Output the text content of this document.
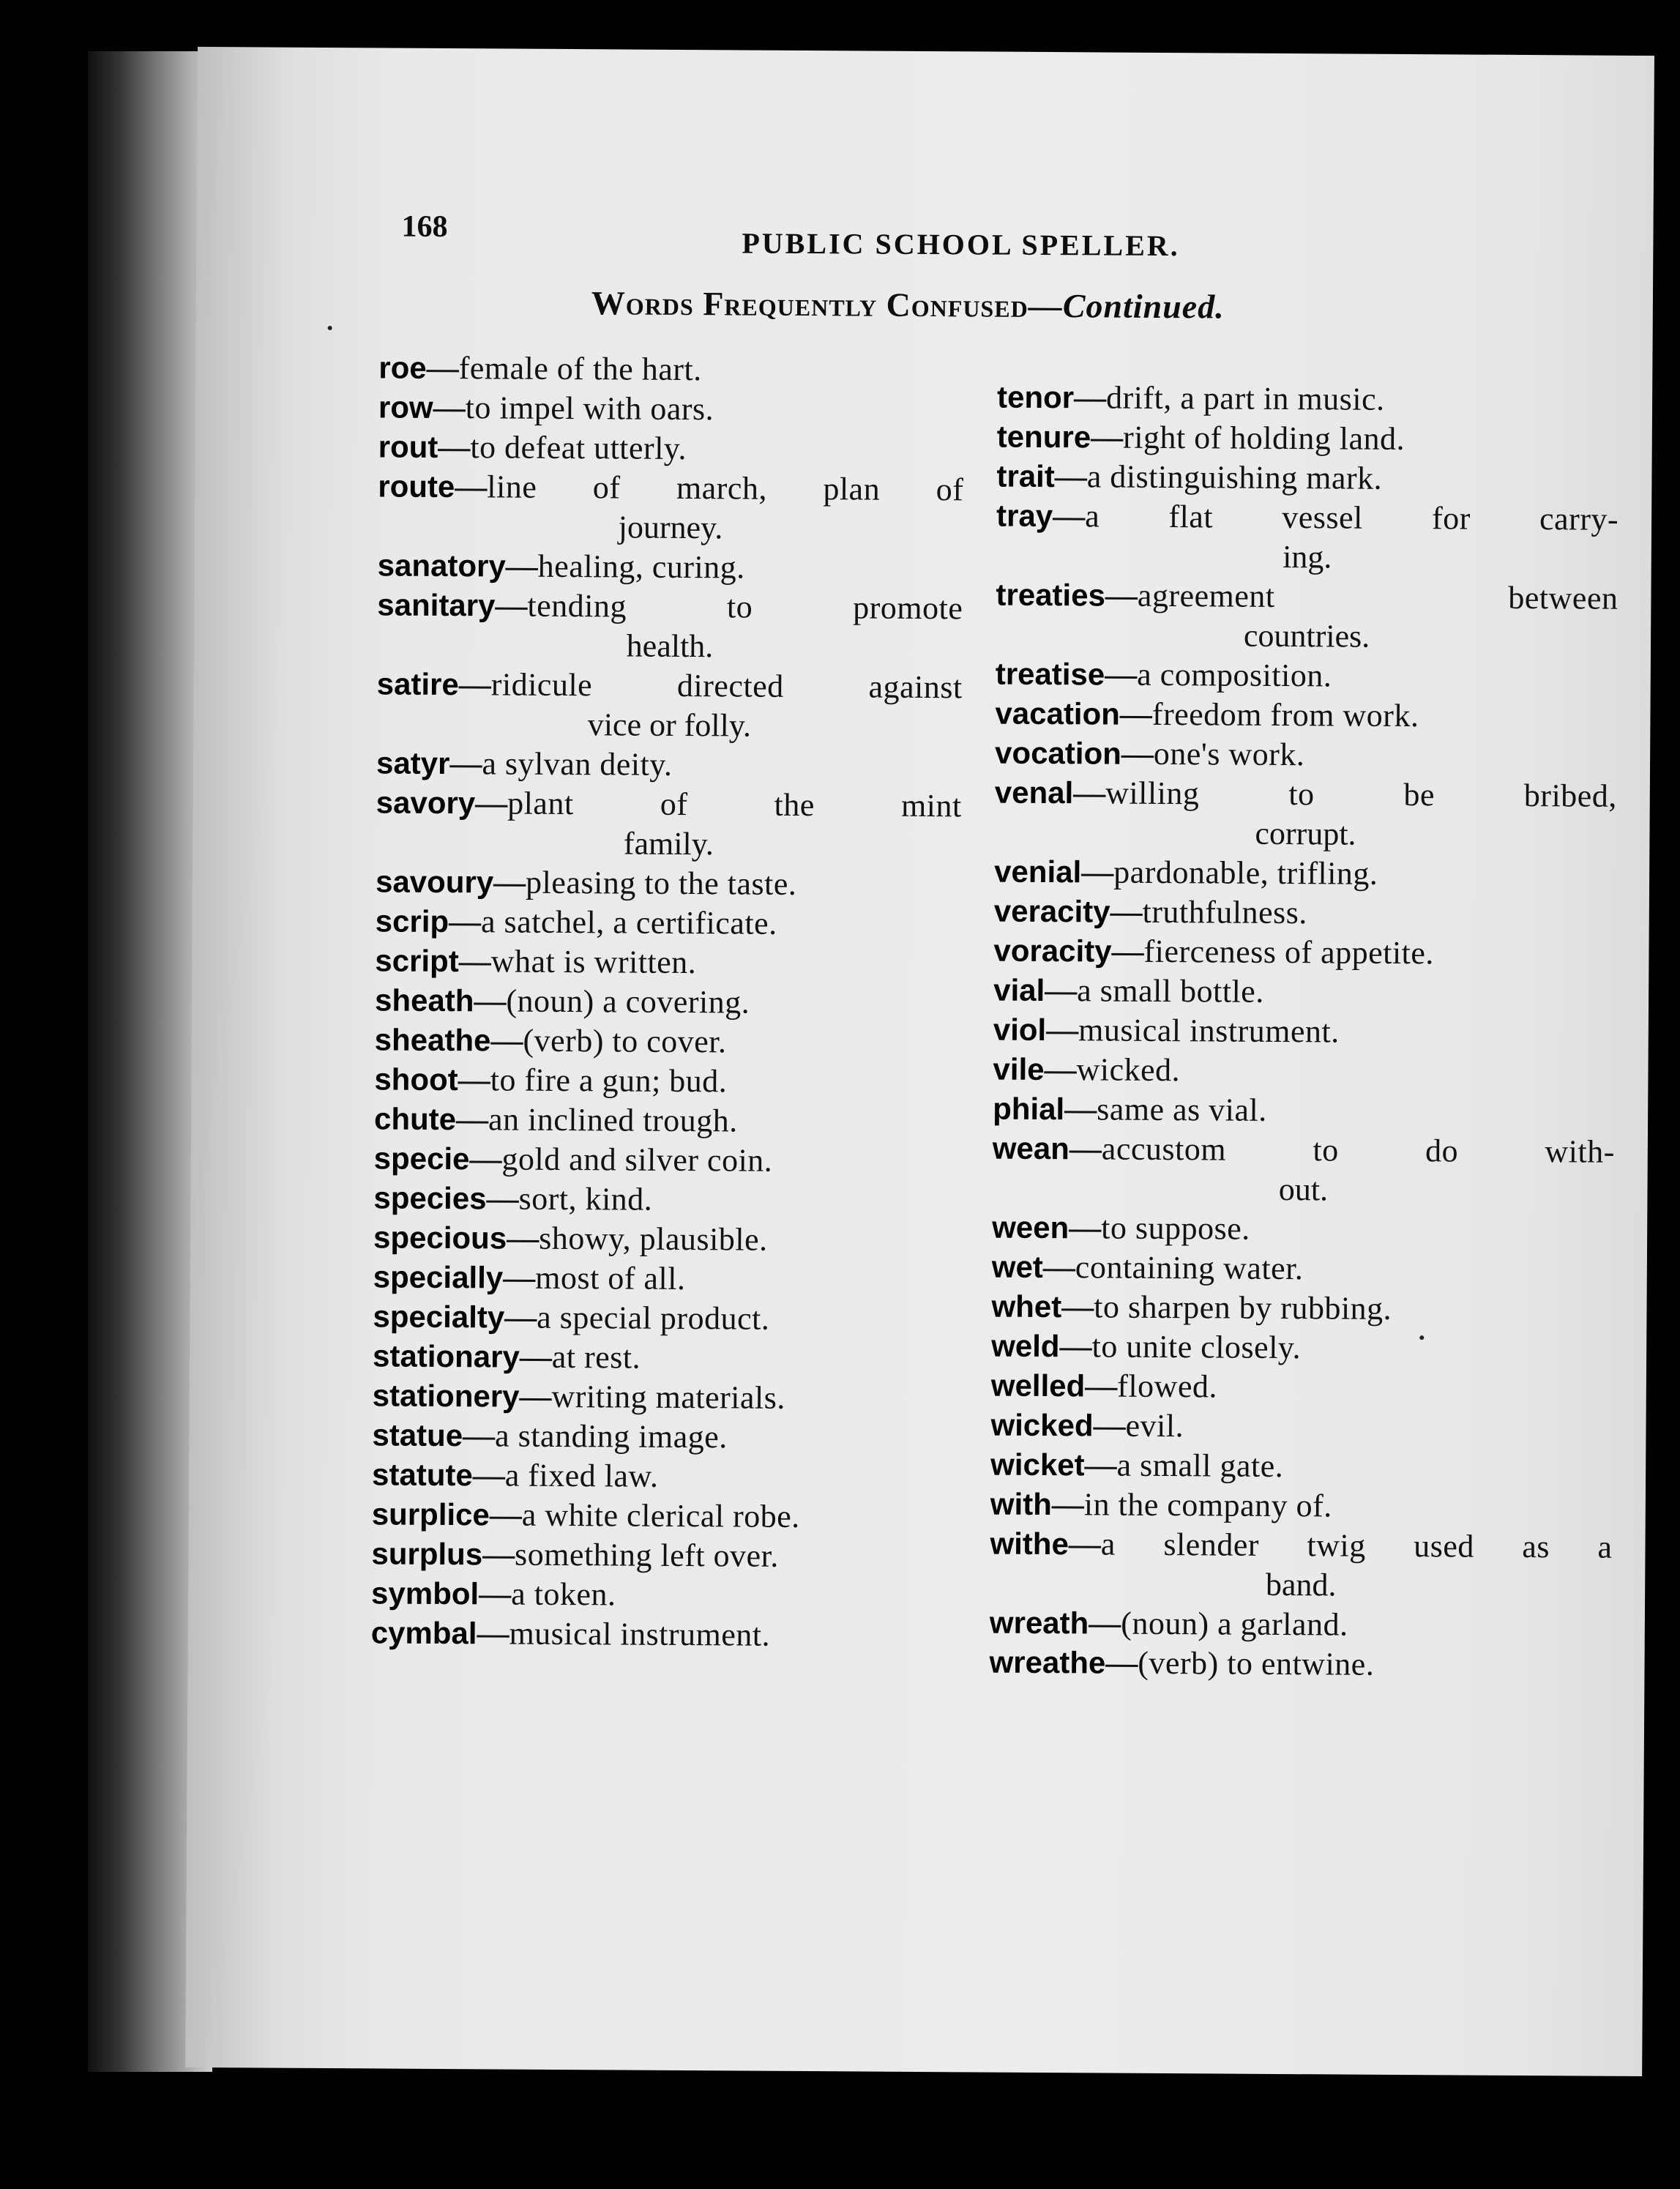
168	PUBLIC SCHOOL SPELLER.
Words Frequently Confused—Continued.
roe—female of the hart.
row—to impel with oars.
rout—to defeat utterly.
route—line of march, plan of
journey.
sanatory—healing, curing.
sanitary—tending to promote
health.
satire—ridicule directed against
vice or folly.
satyr—a sylvan deity.
savory—plant of the mint
family.
savoury—pleasing to the taste.
scrip—a satchel, a certificate.
script—what is written.
sheath—(noun) a covering.
sheathe—(verb) to cover.
shoot—to fire a gun; bud.
chute—an inclined trough.
specie—gold and silver coin.
species—sort, kind.
specious—showy, plausible.
specially—most of all.
specialty—a special product.
stationary—at rest.
stationery—writing materials.
statue—a standing image.
statute—a fixed law.
surplice—a white clerical robe.
surplus—something left over.
symbol—a token.
cymbal—musical instrument.
tenor—drift, a part in music.
tenure—right of holding land.
trait—a distinguishing mark.
tray—a flat vessel for carry-
ing.
treaties—agreement between
countries.
treatise—a composition.
vacation—freedom from work.
vocation—one's work.
venal—willing to be bribed,
corrupt.
venial—pardonable, trifling.
veracity—truthfulness.
voracity—fierceness of appetite.
vial—a small bottle.
viol—musical instrument.
vile—wicked.
phial—same as vial.
wean—accustom to do with-
out.
ween—to suppose.
wet—containing water.
whet—to sharpen by rubbing.
weld—to unite closely.
welled—flowed.
wicked—evil.
wicket—a small gate.
with—in the company of.
withe—a slender twig used as a
band.
wreath—(noun) a garland.
wreathe—(verb) to entwine.
